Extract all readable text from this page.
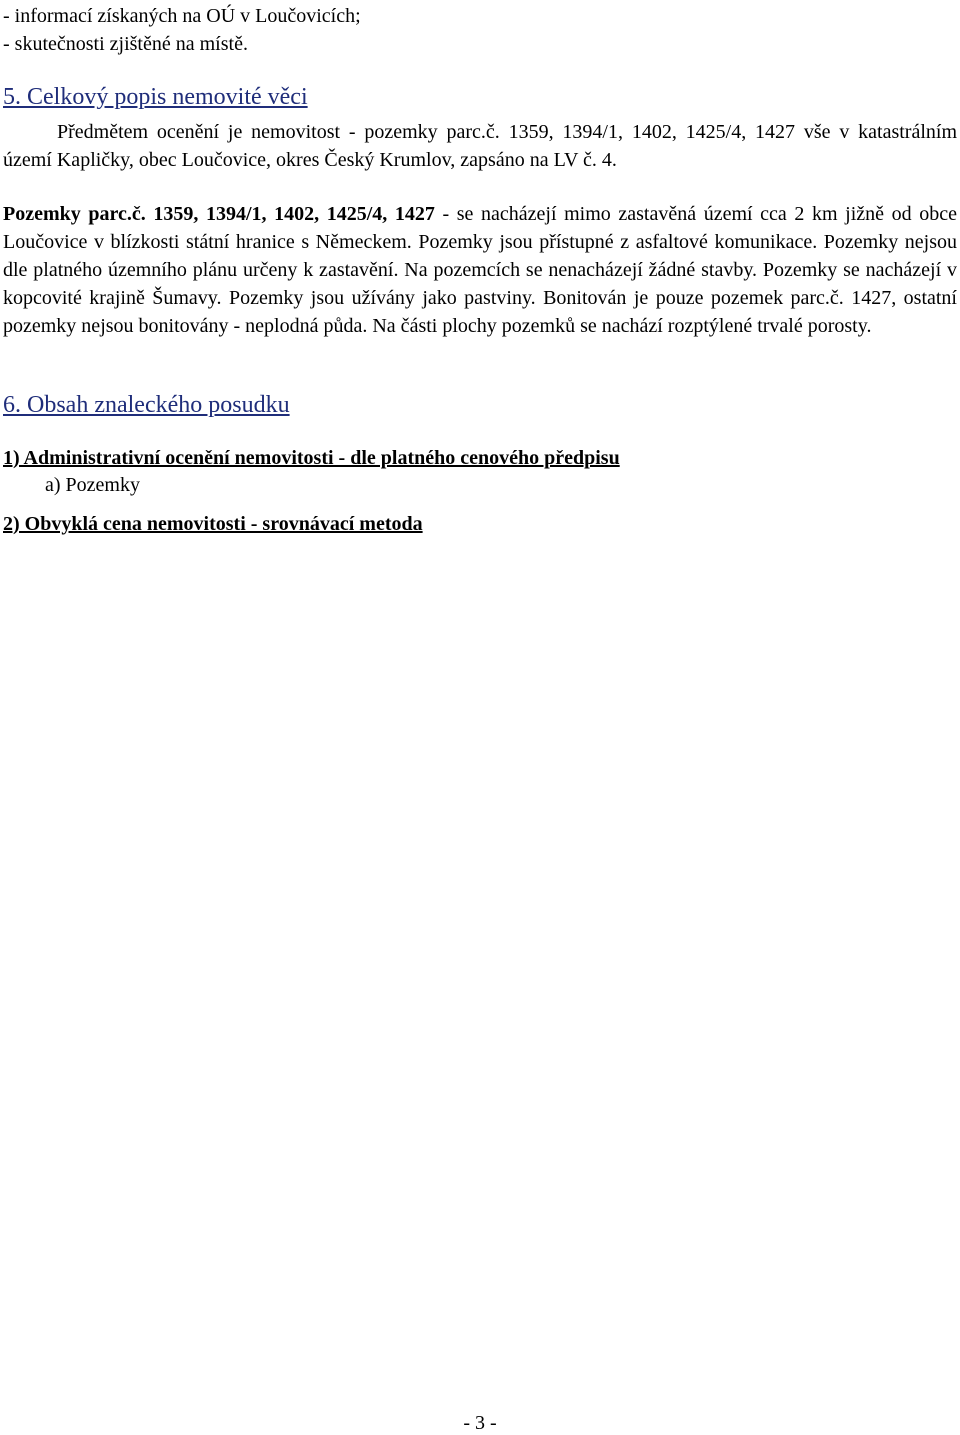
- informací získaných na OÚ v Loučovicích;
- skutečnosti zjištěné na místě.
5. Celkový popis nemovité věci
Předmětem ocenění je nemovitost - pozemky parc.č. 1359, 1394/1, 1402, 1425/4, 1427 vše v katastrálním území Kapličky, obec Loučovice, okres Český Krumlov, zapsáno na LV č. 4.
Pozemky parc.č. 1359, 1394/1, 1402, 1425/4, 1427 - se nacházejí mimo zastavěná území cca 2 km jižně od obce Loučovice v blízkosti státní hranice s Německem. Pozemky jsou přístupné z asfaltové komunikace. Pozemky nejsou dle platného územního plánu určeny k zastavění. Na pozemcích se nenacházejí žádné stavby. Pozemky se nacházejí v kopcovité krajině Šumavy. Pozemky jsou užívány jako pastviny. Bonitován je pouze pozemek parc.č. 1427, ostatní pozemky nejsou bonitovány - neplodná půda. Na části plochy pozemků se nachází rozptýlené trvalé porosty.
6. Obsah znaleckého posudku
1) Administrativní ocenění nemovitosti - dle platného cenového předpisu
a) Pozemky
2) Obvyklá cena nemovitosti - srovnávací metoda
- 3 -
